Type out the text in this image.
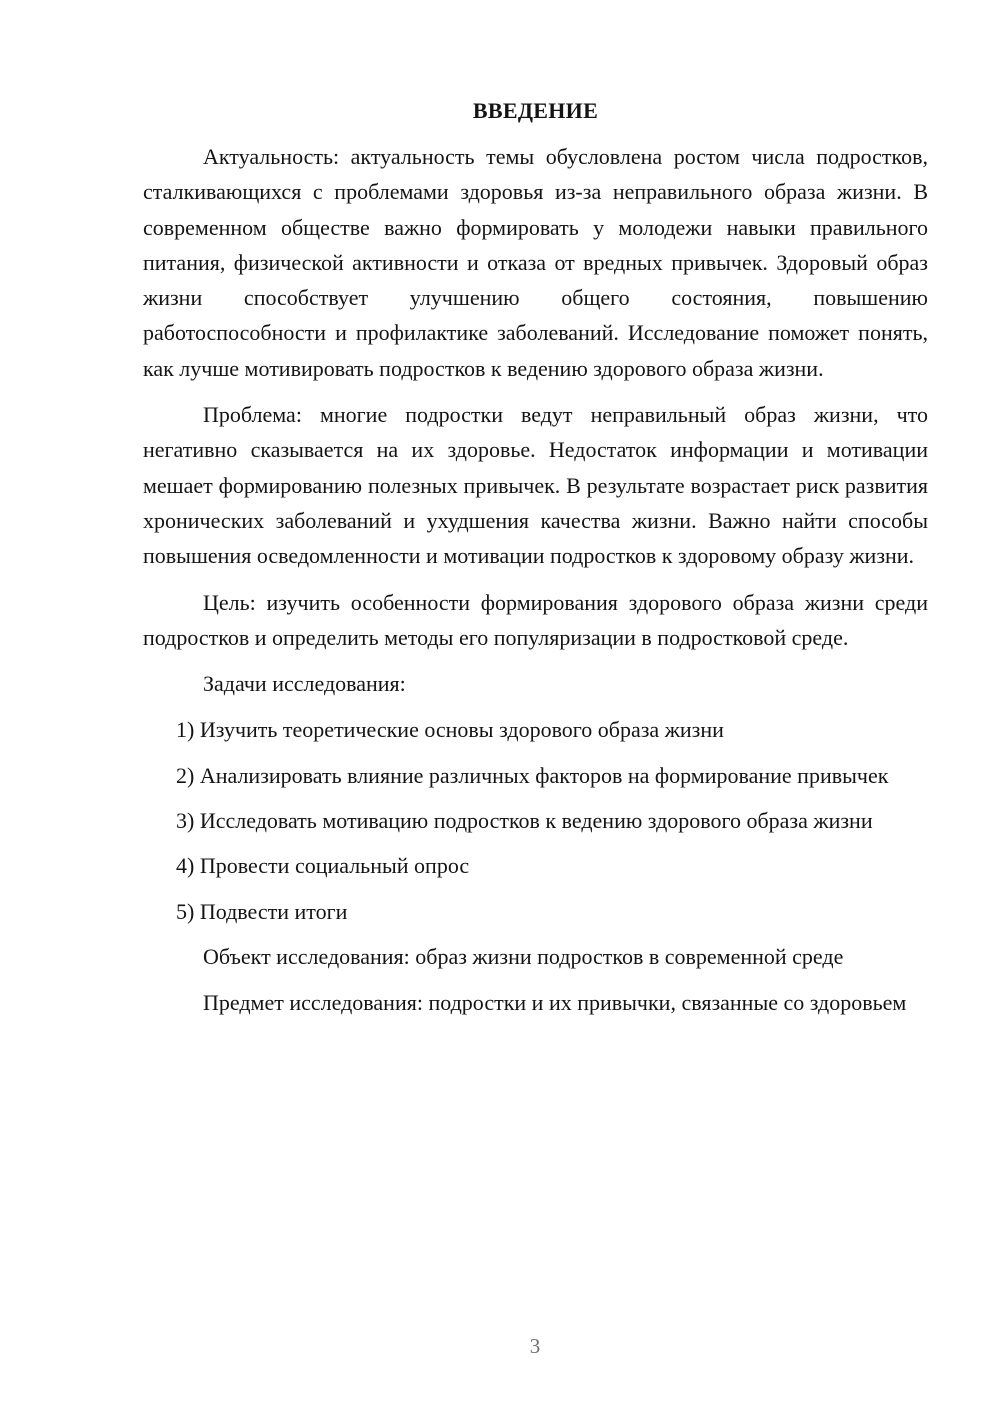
ВВЕДЕНИЕ

Актуальность: актуальность темы обусловлена ростом числа подростков, сталкивающихся с проблемами здоровья из-за неправильного образа жизни. В современном обществе важно формировать у молодежи навыки правильного питания, физической активности и отказа от вредных привычек. Здоровый образ жизни способствует улучшению общего состояния, повышению работоспособности и профилактике заболеваний. Исследование поможет понять, как лучше мотивировать подростков к ведению здорового образа жизни.

Проблема: многие подростки ведут неправильный образ жизни, что негативно сказывается на их здоровье. Недостаток информации и мотивации мешает формированию полезных привычек. В результате возрастает риск развития хронических заболеваний и ухудшения качества жизни. Важно найти способы повышения осведомленности и мотивации подростков к здоровому образу жизни.

Цель: изучить особенности формирования здорового образа жизни среди подростков и определить методы его популяризации в подростковой среде.

Задачи исследования:

1) Изучить теоретические основы здорового образа жизни

2) Анализировать влияние различных факторов на формирование привычек

3) Исследовать мотивацию подростков к ведению здорового образа жизни

4) Провести социальный опрос

5) Подвести итоги

Объект исследования: образ жизни подростков в современной среде

Предмет исследования: подростки и их привычки, связанные со здоровьем

3
